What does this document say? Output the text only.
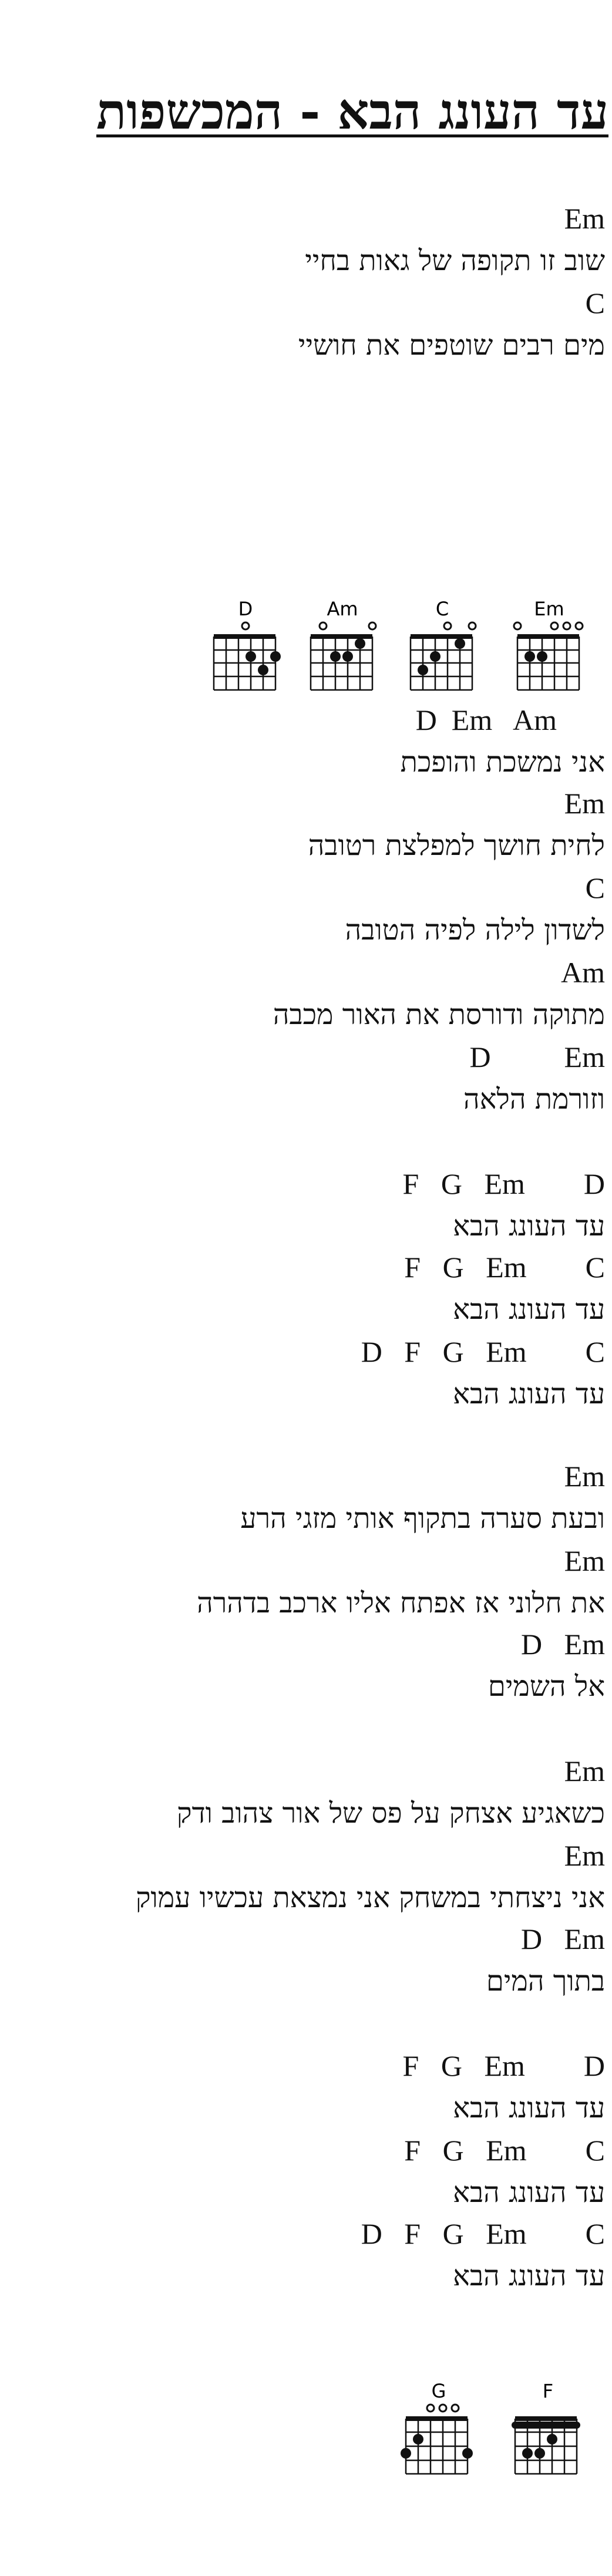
עד העונג הבא - המכשפות
Em
שוב זו תקופה של גאות בחיי
C
מים רבים שוטפים את חושיי
D	Am	C	Em
D  Em   Am
אני נמשכת והופכת
Em
לחית חושך למפלצת רטובה
C
לשדון לילה לפיה הטובה
Am
מתוקה ודורסת את האור מכבה
D          Em
וזורמת הלאה
F   G   Em        D
עד העונג הבא
F   G   Em        C
עד העונג הבא
D   F   G   Em        C
עד העונג הבא
Em
ובעת סערה בתקוף אותי מזגי הרע
Em
את חלוני אז אפתח אליו ארכב בדהרה
D   Em
אל השמים
Em
כשאגיע אצחק על פס של אור צהוב ודק
Em
אני ניצחתי במשחק אני נמצאת עכשיו עמוק
D   Em
בתוך המים
F   G   Em        D
עד העונג הבא
F   G   Em        C
עד העונג הבא
D   F   G   Em        C
עד העונג הבא
G	F
